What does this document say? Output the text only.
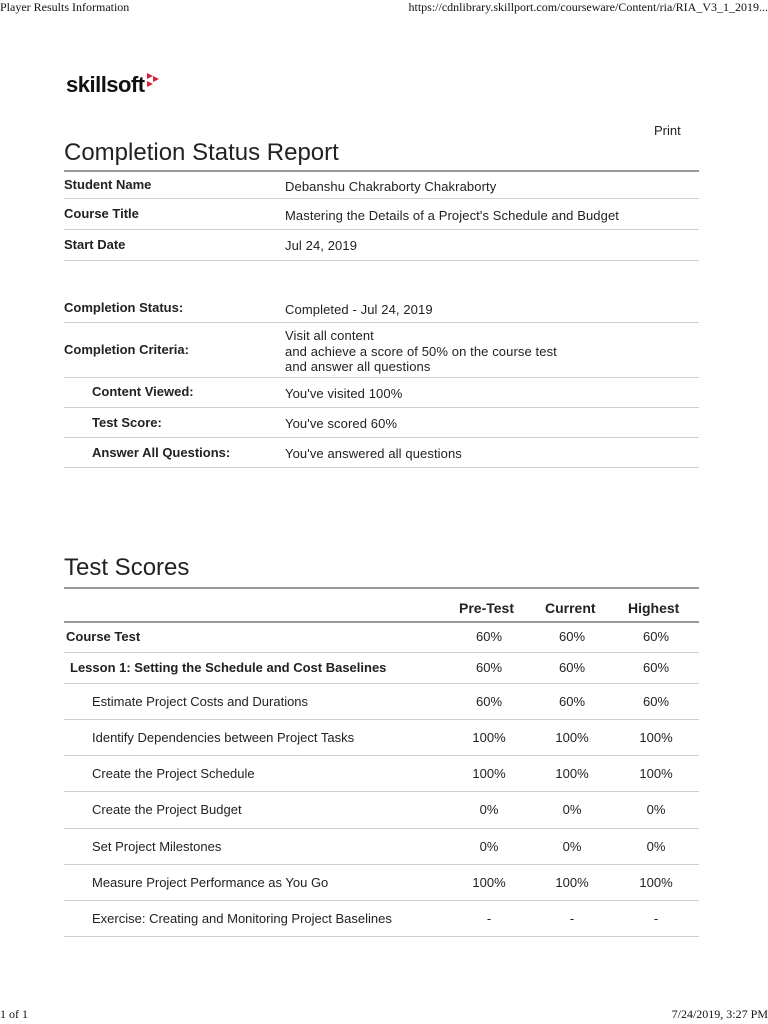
Player Results Information	https://cdnlibrary.skillport.com/courseware/Content/ria/RIA_V3_1_2019...
skillsoft
Print
Completion Status Report
Student Name	Debanshu Chakraborty Chakraborty
Course Title	Mastering the Details of a Project's Schedule and Budget
Start Date	Jul 24, 2019
Completion Status:	Completed - Jul 24, 2019
Completion Criteria:
Visit all content
and achieve a score of 50% on the course test
and answer all questions
Content Viewed:	You've visited 100%
Test Score:	You've scored 60%
Answer All Questions:	You've answered all questions
Test Scores
Pre-Test Current Highest
Course Test	60%	60%	60%
Lesson 1: Setting the Schedule and Cost Baselines	60%	60%	60%
Estimate Project Costs and Durations	60%	60%	60%
Identify Dependencies between Project Tasks	100%	100%	100%
Create the Project Schedule	100%	100%	100%
Create the Project Budget	0%	0%	0%
Set Project Milestones	0%	0%	0%
Measure Project Performance as You Go	100%	100%	100%
Exercise: Creating and Monitoring Project Baselines	-	-	-
1 of 1	7/24/2019, 3:27 PM
